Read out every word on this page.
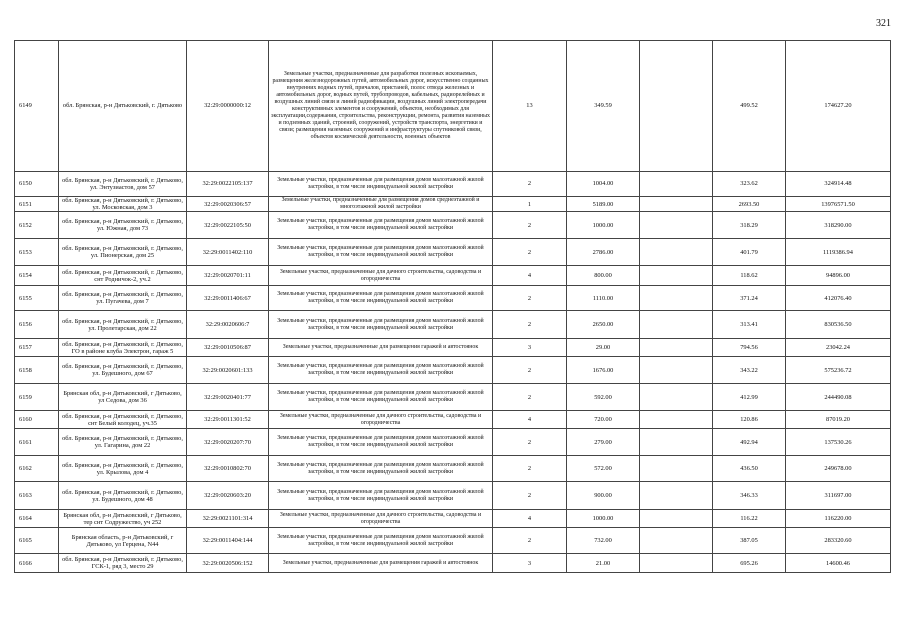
321
6149	обл. Брянская, р-н Дятьковский, г. Дятьково	32:29:0000000:12	Земельные участки, предназначенные для разработки полезных ископаемых, размещения железнодорожных путей, автомобильных дорог, искусственно созданных внутренних водных путей, причалов, пристаней, полос отвода железных и автомобильных дорог, водных путей, трубопроводов, кабельных, радиорелейных и воздушных линий связи и линий радиофикации, воздушных линий электропередачи конструктивных элементов и сооружений, объектов, необходимых для эксплуатации,содержания, строительства, реконструкции, ремонта, развития наземных и подземных зданий, строений, сооружений, устройств транспорта, энергетики и связи; размещения наземных сооружений и инфраструктуры спутниковой связи, объектов космической деятельности, военных объектов	13	349.59		499.52	174627.20
6150	обл. Брянская, р-н Дятьковский, г. Дятьково, ул. Энтузиастов, дом 57	32:29:0022105:137	Земельные участки, предназначенные для размещения домов малоэтажной жилой застройки, в том числе индивидуальной жилой застройки	2	1004.00		323.62	324914.48
6151	обл. Брянская, р-н Дятьковский, г. Дятьково, ул. Московская, дом 3	32:29:0020306:57	Земельные участки, предназначенные для размещения домов среднеэтажной и многоэтажной жилой застройки	1	5189.00		2693.50	13976571.50
6152	обл. Брянская, р-н Дятьковский, г. Дятьково, ул. Южная, дом 73	32:29:0022105:50	Земельные участки, предназначенные для размещения домов малоэтажной жилой застройки, в том числе индивидуальной жилой застройки	2	1000.00		318.29	318290.00
6153	обл. Брянская, р-н Дятьковский, г. Дятьково, ул. Пионерская, дом 25	32:29:0011402:110	Земельные участки, предназначенные для размещения домов малоэтажной жилой застройки, в том числе индивидуальной жилой застройки	2	2786.00		401.79	1119386.94
6154	обл. Брянская, р-н Дятьковский, г. Дятьково, снт Родничок-2, уч.2	32:29:0020701:11	Земельные участки, предназначенные для дачного строительства, садоводства и огородничества	4	800.00		118.62	94896.00
6155	обл. Брянская, р-н Дятьковский, г. Дятьково, ул. Пугачева, дом 7	32:29:0011406:67	Земельные участки, предназначенные для размещения домов малоэтажной жилой застройки, в том числе индивидуальной жилой застройки	2	1110.00		371.24	412076.40
6156	обл. Брянская, р-н Дятьковский, г. Дятьково, ул. Пролетарская, дом 22	32:29:0020606:7	Земельные участки, предназначенные для размещения домов малоэтажной жилой застройки, в том числе индивидуальной жилой застройки	2	2650.00		313.41	830536.50
6157	обл. Брянская, р-н Дятьковский, г. Дятьково, ГО в районе клуба Электрон, гараж 5	32:29:0010506:87	Земельные участки, предназначенные для размещения гаражей и автостоянок	3	29.00		794.56	23042.24
6158	обл. Брянская, р-н Дятьковский, г. Дятьково, ул. Будешного, дом 67	32:29:0020601:133	Земельные участки, предназначенные для размещения домов малоэтажной жилой застройки, в том числе индивидуальной жилой застройки	2	1676.00		343.22	575236.72
6159	Брянская обл, р-н Дятьковский, г Дятьково, ул Седова, дом 36	32:29:0020401:77	Земельные участки, предназначенные для размещения домов малоэтажной жилой застройки, в том числе индивидуальной жилой застройки	2	592.00		412.99	244490.08
6160	обл. Брянская, р-н Дятьковский, г. Дятьково, снт Белый колодец, уч.35	32:29:0011301:52	Земельные участки, предназначенные для дачного строительства, садоводства и огородничества	4	720.00		120.86	87019.20
6161	обл. Брянская, р-н Дятьковский, г. Дятьково, ул. Гагарина, дом 22	32:29:0020207:70	Земельные участки, предназначенные для размещения домов малоэтажной жилой застройки, в том числе индивидуальной жилой застройки	2	279.00		492.94	137530.26
6162	обл. Брянская, р-н Дятьковский, г. Дятьково, ул. Крылова, дом 4	32:29:0010802:70	Земельные участки, предназначенные для размещения домов малоэтажной жилой застройки, в том числе индивидуальной жилой застройки	2	572.00		436.50	249678.00
6163	обл. Брянская, р-н Дятьковский, г. Дятьково, ул. Будешного, дом 48	32:29:0020603:20	Земельные участки, предназначенные для размещения домов малоэтажной жилой застройки, в том числе индивидуальной жилой застройки	2	900.00		346.33	311697.00
6164	Брянская обл, р-н Дятьковский, г Дятьково, тер снт Содружество, уч 252	32:29:0021101:314	Земельные участки, предназначенные для дачного строительства, садоводства и огородничества	4	1000.00		116.22	116220.00
6165	Брянская область, р-н Дятьковский, г Дятьково, ул Герцена, N44	32:29:0011404:144	Земельные участки, предназначенные для размещения домов малоэтажной жилой застройки, в том числе индивидуальной жилой застройки	2	732.00		387.05	283320.60
6166	обл. Брянская, р-н Дятьковский, г. Дятьково, ГСК-1, ряд 3, место 29	32:29:0020506:152	Земельные участки, предназначенные для размещения гаражей и автостоянок	3	21.00		695.26	14600.46
